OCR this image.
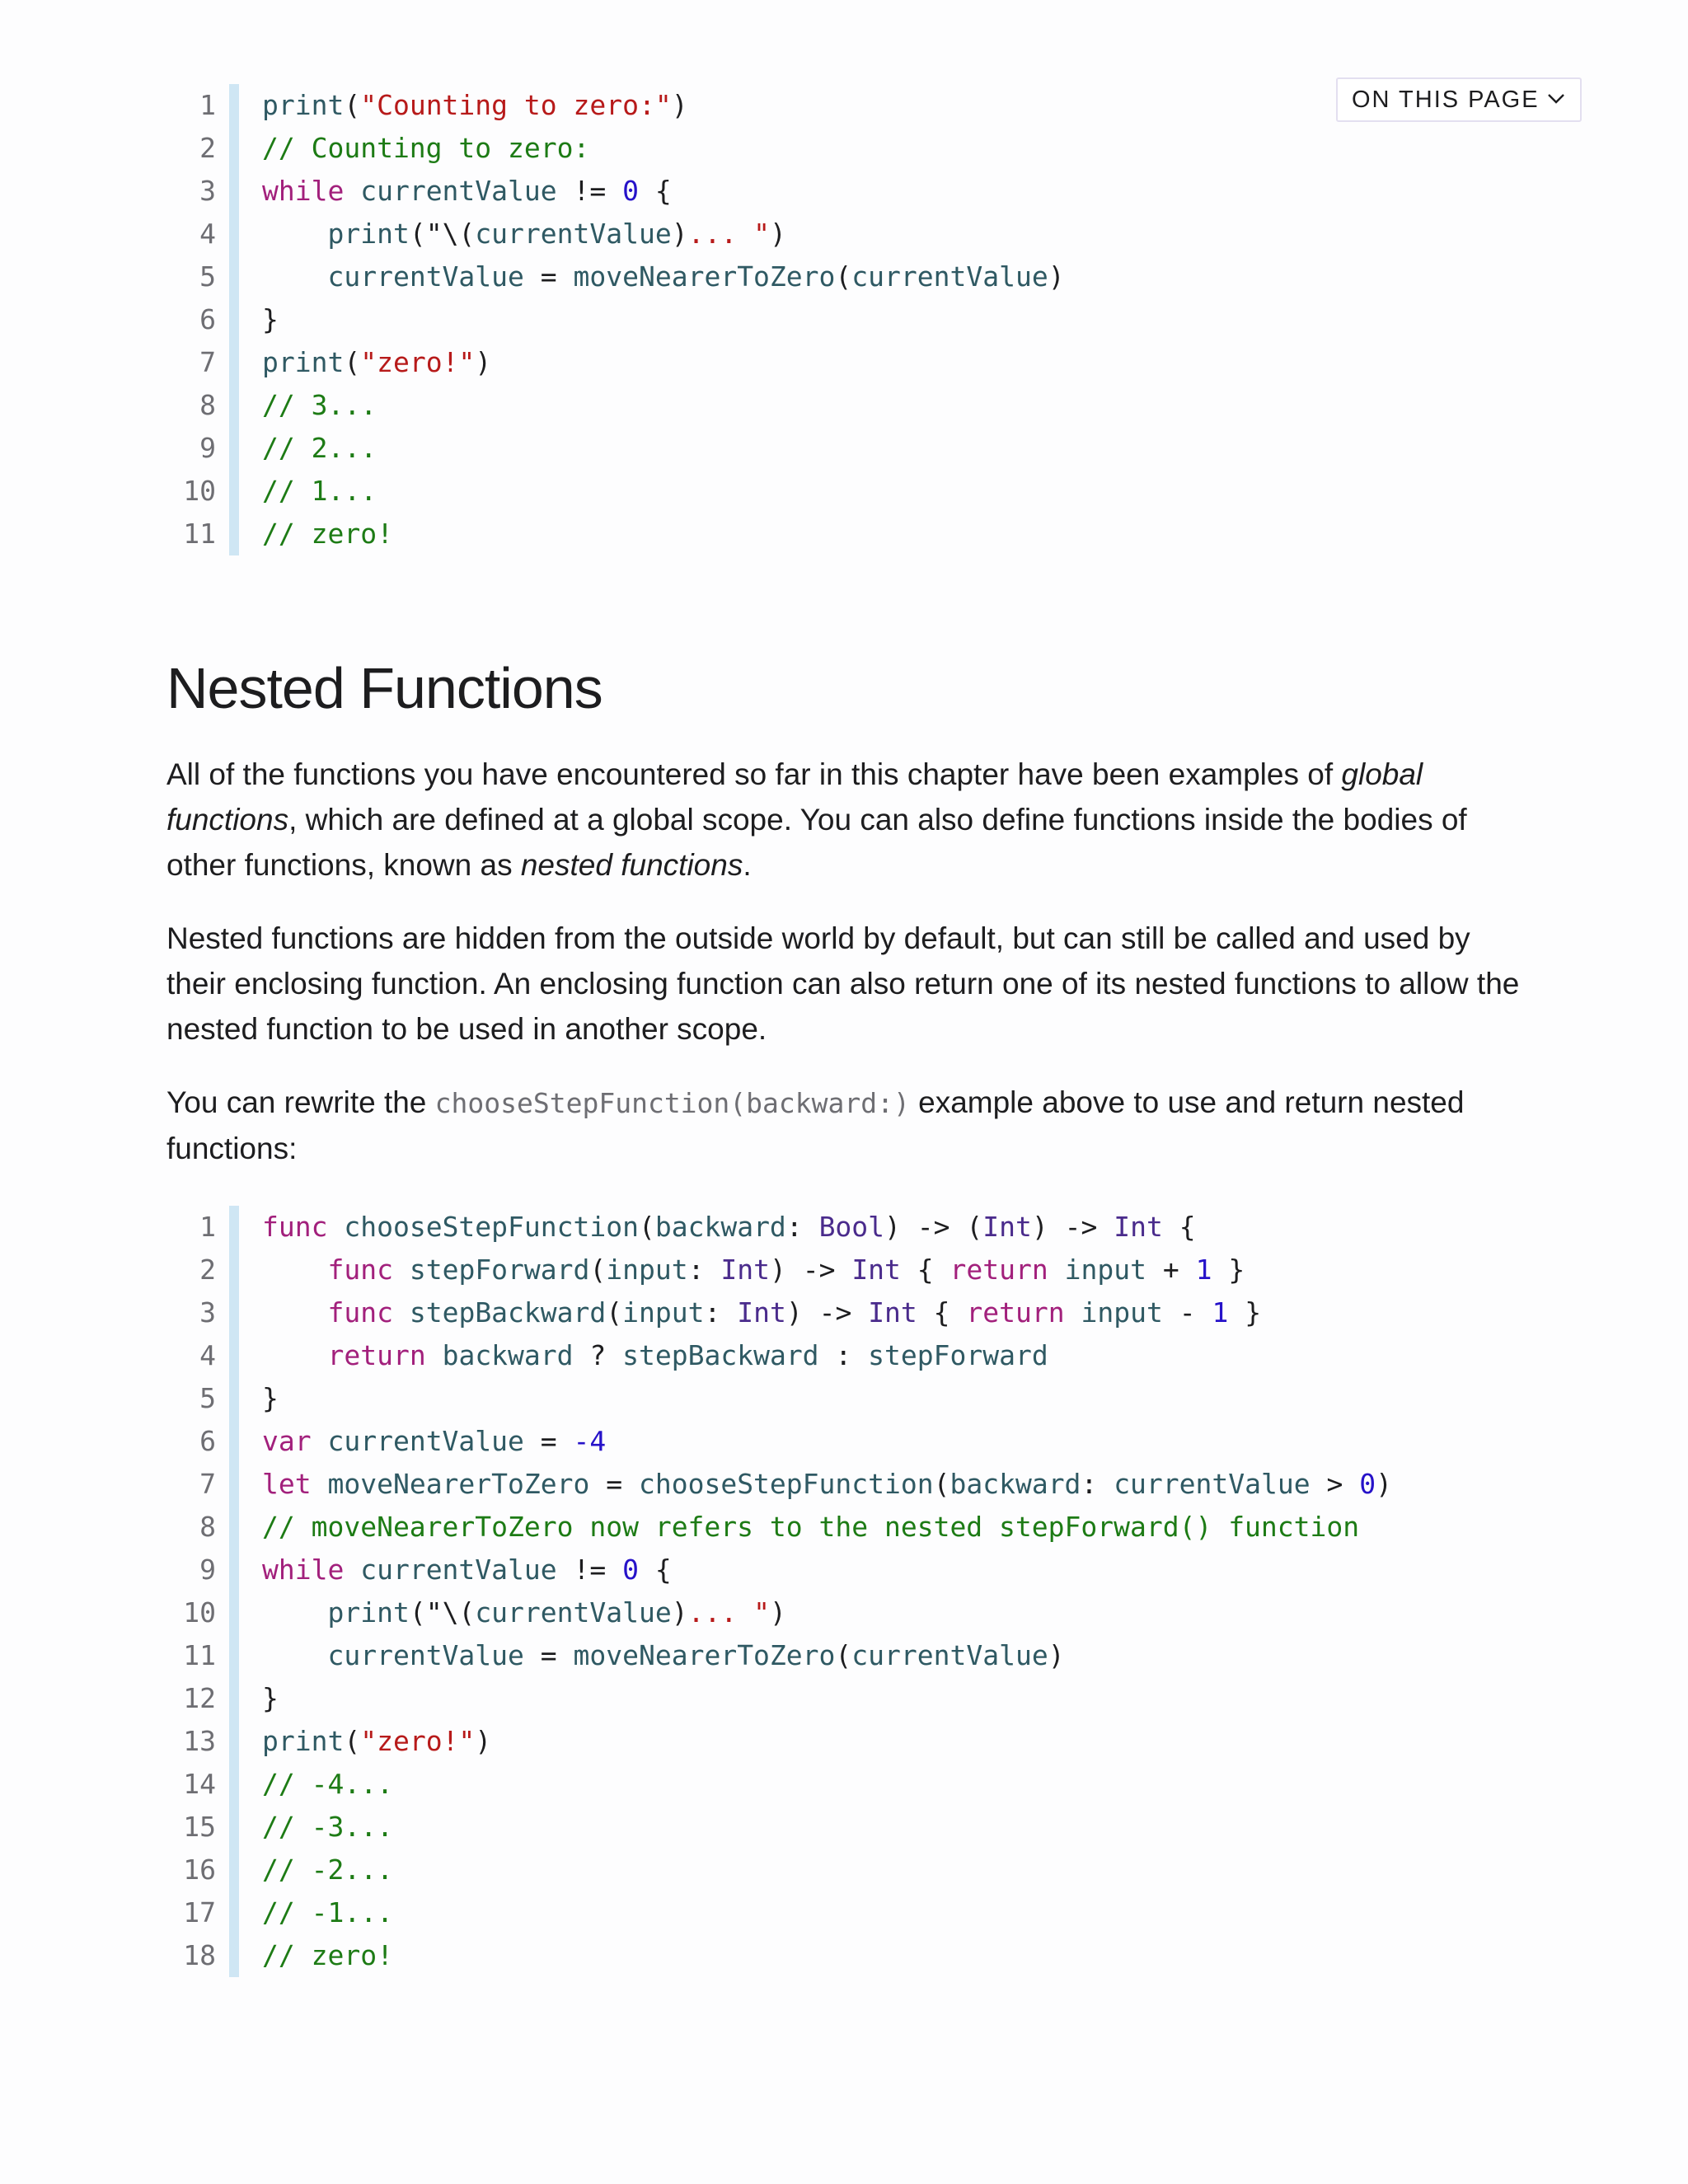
ON THIS PAGE
1 print("Counting to zero:")
2 // Counting to zero:
3 while currentValue != 0 {
4	print("\(currentValue)... ")
5	currentValue = moveNearerToZero(currentValue)
6 }
7 print("zero!")
8 // 3...
9 // 2...
10 // 1...
11 // zero!
Nested Functions

All of the functions you have encountered so far in this chapter have been examples of global functions, which are defined at a global scope. You can also define functions inside the bodies of other functions, known as nested functions.

Nested functions are hidden from the outside world by default, but can still be called and used by their enclosing function. An enclosing function can also return one of its nested functions to allow the nested function to be used in another scope.

You can rewrite the chooseStepFunction(backward:) example above to use and return nested functions:

1 func chooseStepFunction(backward: Bool) -> (Int) -> Int {
2	func stepForward(input: Int) -> Int { return input + 1 }
3	func stepBackward(input: Int) -> Int { return input - 1 }
4	return backward ? stepBackward : stepForward
5 }
6 var currentValue = -4
7 let moveNearerToZero = chooseStepFunction(backward: currentValue > 0)
8 // moveNearerToZero now refers to the nested stepForward() function
9 while currentValue != 0 {
10	print("\(currentValue)... ")
11	currentValue = moveNearerToZero(currentValue)
12 }
13 print("zero!")
14 // -4...
15 // -3...
16 // -2...
17 // -1...
18 // zero!
